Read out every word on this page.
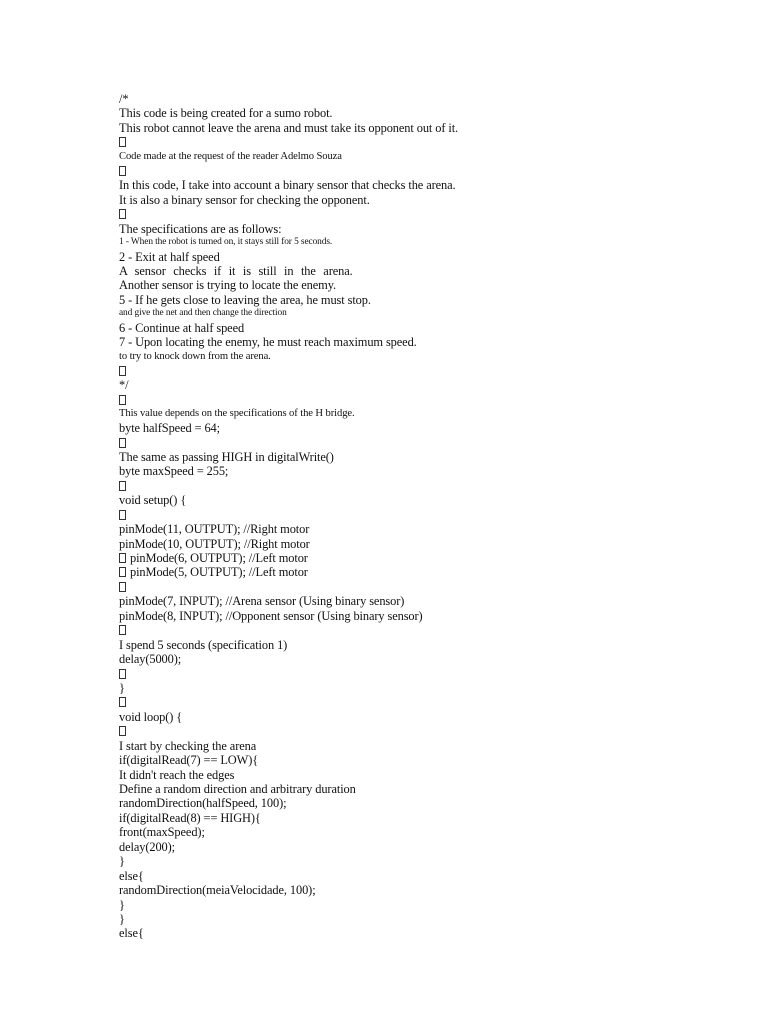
/*
This code is being created for a sumo robot.
This robot cannot leave the arena and must take its opponent out of it.
Code made at the request of the reader Adelmo Souza
In this code, I take into account a binary sensor that checks the arena.
It is also a binary sensor for checking the opponent.
The specifications are as follows:
1 - When the robot is turned on, it stays still for 5 seconds.
2 - Exit at half speed
A sensor checks if it is still in the arena.
Another sensor is trying to locate the enemy.
5 - If he gets close to leaving the area, he must stop.
and give the net and then change the direction
6 - Continue at half speed
7 - Upon locating the enemy, he must reach maximum speed.
to try to knock down from the arena.
*/
This value depends on the specifications of the H bridge.
byte halfSpeed = 64;
The same as passing HIGH in digitalWrite()
byte maxSpeed = 255;
void setup() {
pinMode(11, OUTPUT); //Right motor
pinMode(10, OUTPUT); //Right motor
pinMode(6, OUTPUT); //Left motor
pinMode(5, OUTPUT); //Left motor
pinMode(7, INPUT); //Arena sensor (Using binary sensor)
pinMode(8, INPUT); //Opponent sensor (Using binary sensor)
I spend 5 seconds (specification 1)
delay(5000);
}
void loop() {
I start by checking the arena
if(digitalRead(7) == LOW){
It didn't reach the edges
Define a random direction and arbitrary duration
randomDirection(halfSpeed, 100);
if(digitalRead(8) == HIGH){
front(maxSpeed);
delay(200);
}
else{
randomDirection(meiaVelocidade, 100);
}
}
else{
